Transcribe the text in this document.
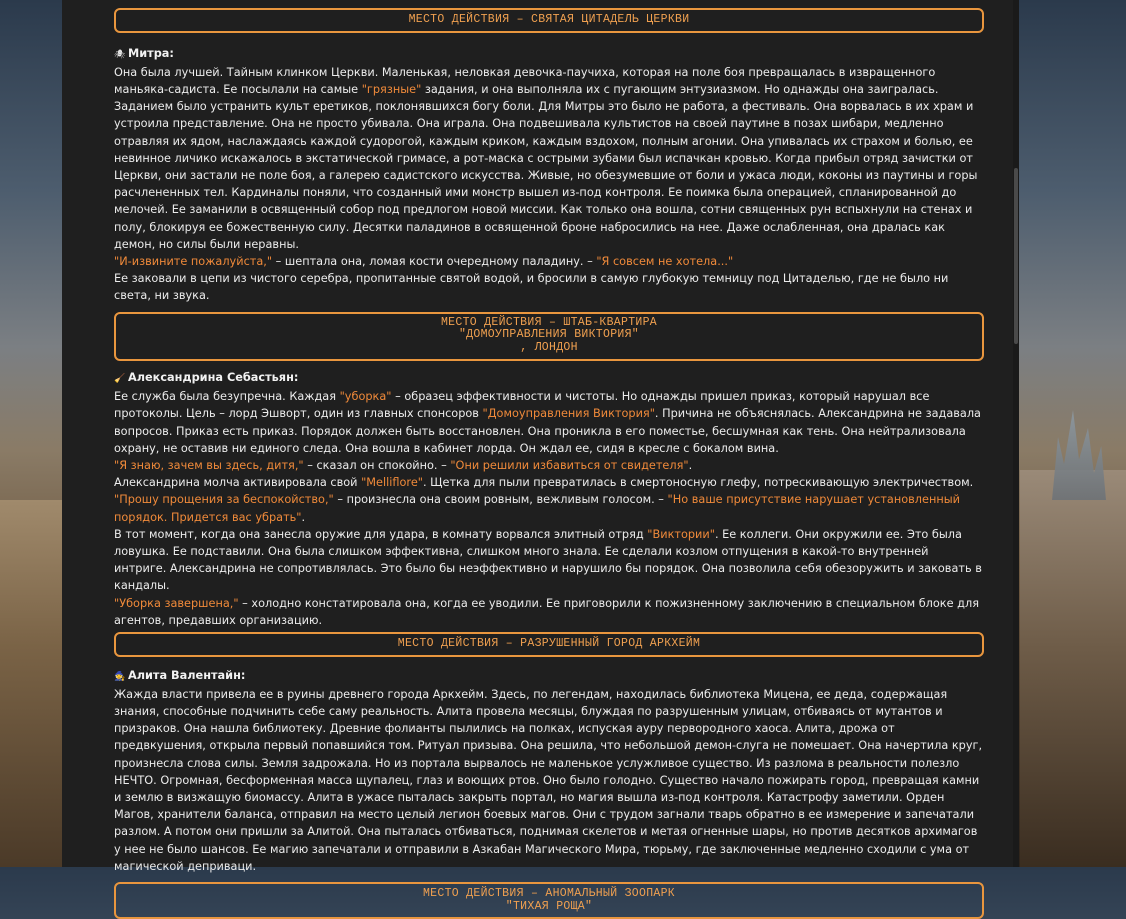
МЕСТО ДЕЙСТВИЯ – СВЯТАЯ ЦИТАДЕЛЬ ЦЕРКВИ

🕷 Митра:

Она была лучшей. Тайным клинком Церкви. Маленькая, неловкая девочка-паучиха, которая на поле боя превращалась в извращенного маньяка-садиста. Ее посылали на самые "грязные" задания, и она выполняла их с пугающим энтузиазмом. Но однажды она заигралась. Заданием было устранить культ еретиков, поклонявшихся богу боли. Для Митры это было не работа, а фестиваль. Она ворвалась в их храм и устроила представление. Она не просто убивала. Она играла. Она подвешивала культистов на своей паутине в позах шибари, медленно отравляя их ядом, наслаждаясь каждой судорогой, каждым криком, каждым вздохом, полным агонии. Она упивалась их страхом и болью, ее невинное личико искажалось в экстатической гримасе, а рот-маска с острыми зубами был испачкан кровью. Когда прибыл отряд зачистки от Церкви, они застали не поле боя, а галерею садистского искусства. Живые, но обезумевшие от боли и ужаса люди, коконы из паутины и горы расчлененных тел. Кардиналы поняли, что созданный ими монстр вышел из-под контроля. Ее поимка была операцией, спланированной до мелочей. Ее заманили в освященный собор под предлогом новой миссии. Как только она вошла, сотни священных рун вспыхнули на стенах и полу, блокируя ее божественную силу. Десятки паладинов в освященной броне набросились на нее. Даже ослабленная, она дралась как демон, но силы были неравны.

"И-извините пожалуйста," – шептала она, ломая кости очередному паладину. – "Я совсем не хотела..."

Ее заковали в цепи из чистого серебра, пропитанные святой водой, и бросили в самую глубокую темницу под Цитаделью, где не было ни света, ни звука.

МЕСТО ДЕЙСТВИЯ – ШТАБ-КВАРТИРА
"ДОМОУПРАВЛЕНИЯ ВИКТОРИЯ"
, ЛОНДОН

🧹 Александрина Себастьян:

Ее служба была безупречна. Каждая "уборка" – образец эффективности и чистоты. Но однажды пришел приказ, который нарушал все протоколы. Цель – лорд Эшворт, один из главных спонсоров "Домоуправления Виктория". Причина не объяснялась. Александрина не задавала вопросов. Приказ есть приказ. Порядок должен быть восстановлен. Она проникла в его поместье, бесшумная как тень. Она нейтрализовала охрану, не оставив ни единого следа. Она вошла в кабинет лорда. Он ждал ее, сидя в кресле с бокалом вина.

"Я знаю, зачем вы здесь, дитя," – сказал он спокойно. – "Они решили избавиться от свидетеля".

Александрина молча активировала свой "Melliflore". Щетка для пыли превратилась в смертоносную глефу, потрескивающую электричеством.

"Прошу прощения за беспокойство," – произнесла она своим ровным, вежливым голосом. – "Но ваше присутствие нарушает установленный порядок. Придется вас убрать".

В тот момент, когда она занесла оружие для удара, в комнату ворвался элитный отряд "Виктории". Ее коллеги. Они окружили ее. Это была ловушка. Ее подставили. Она была слишком эффективна, слишком много знала. Ее сделали козлом отпущения в какой-то внутренней интриге. Александрина не сопротивлялась. Это было бы неэффективно и нарушило бы порядок. Она позволила себя обезоружить и заковать в кандалы.

"Уборка завершена," – холодно констатировала она, когда ее уводили. Ее приговорили к пожизненному заключению в специальном блоке для агентов, предавших организацию.

МЕСТО ДЕЙСТВИЯ – РАЗРУШЕННЫЙ ГОРОД АРКХЕЙМ

🧙 Алита Валентайн:

Жажда власти привела ее в руины древнего города Аркхейм. Здесь, по легендам, находилась библиотека Мицена, ее деда, содержащая знания, способные подчинить себе саму реальность. Алита провела месяцы, блуждая по разрушенным улицам, отбиваясь от мутантов и призраков. Она нашла библиотеку. Древние фолианты пылились на полках, испуская ауру первородного хаоса. Алита, дрожа от предвкушения, открыла первый попавшийся том. Ритуал призыва. Она решила, что небольшой демон-слуга не помешает. Она начертила круг, произнесла слова силы. Земля задрожала. Но из портала вырвалось не маленькое услужливое существо. Из разлома в реальности полезло НЕЧТО. Огромная, бесформенная масса щупалец, глаз и воющих ртов. Оно было голодно. Существо начало пожирать город, превращая камни и землю в визжащую биомассу. Алита в ужасе пыталась закрыть портал, но магия вышла из-под контроля. Катастрофу заметили. Орден Магов, хранители баланса, отправил на место целый легион боевых магов. Они с трудом загнали тварь обратно в ее измерение и запечатали разлом. А потом они пришли за Алитой. Она пыталась отбиваться, поднимая скелетов и метая огненные шары, но против десятков архимагов у нее не было шансов. Ее магию запечатали и отправили в Азкабан Магического Мира, тюрьму, где заключенные медленно сходили с ума от магической деприваци.

МЕСТО ДЕЙСТВИЯ – АНОМАЛЬНЫЙ ЗООПАРК
"ТИХАЯ РОЩА"
